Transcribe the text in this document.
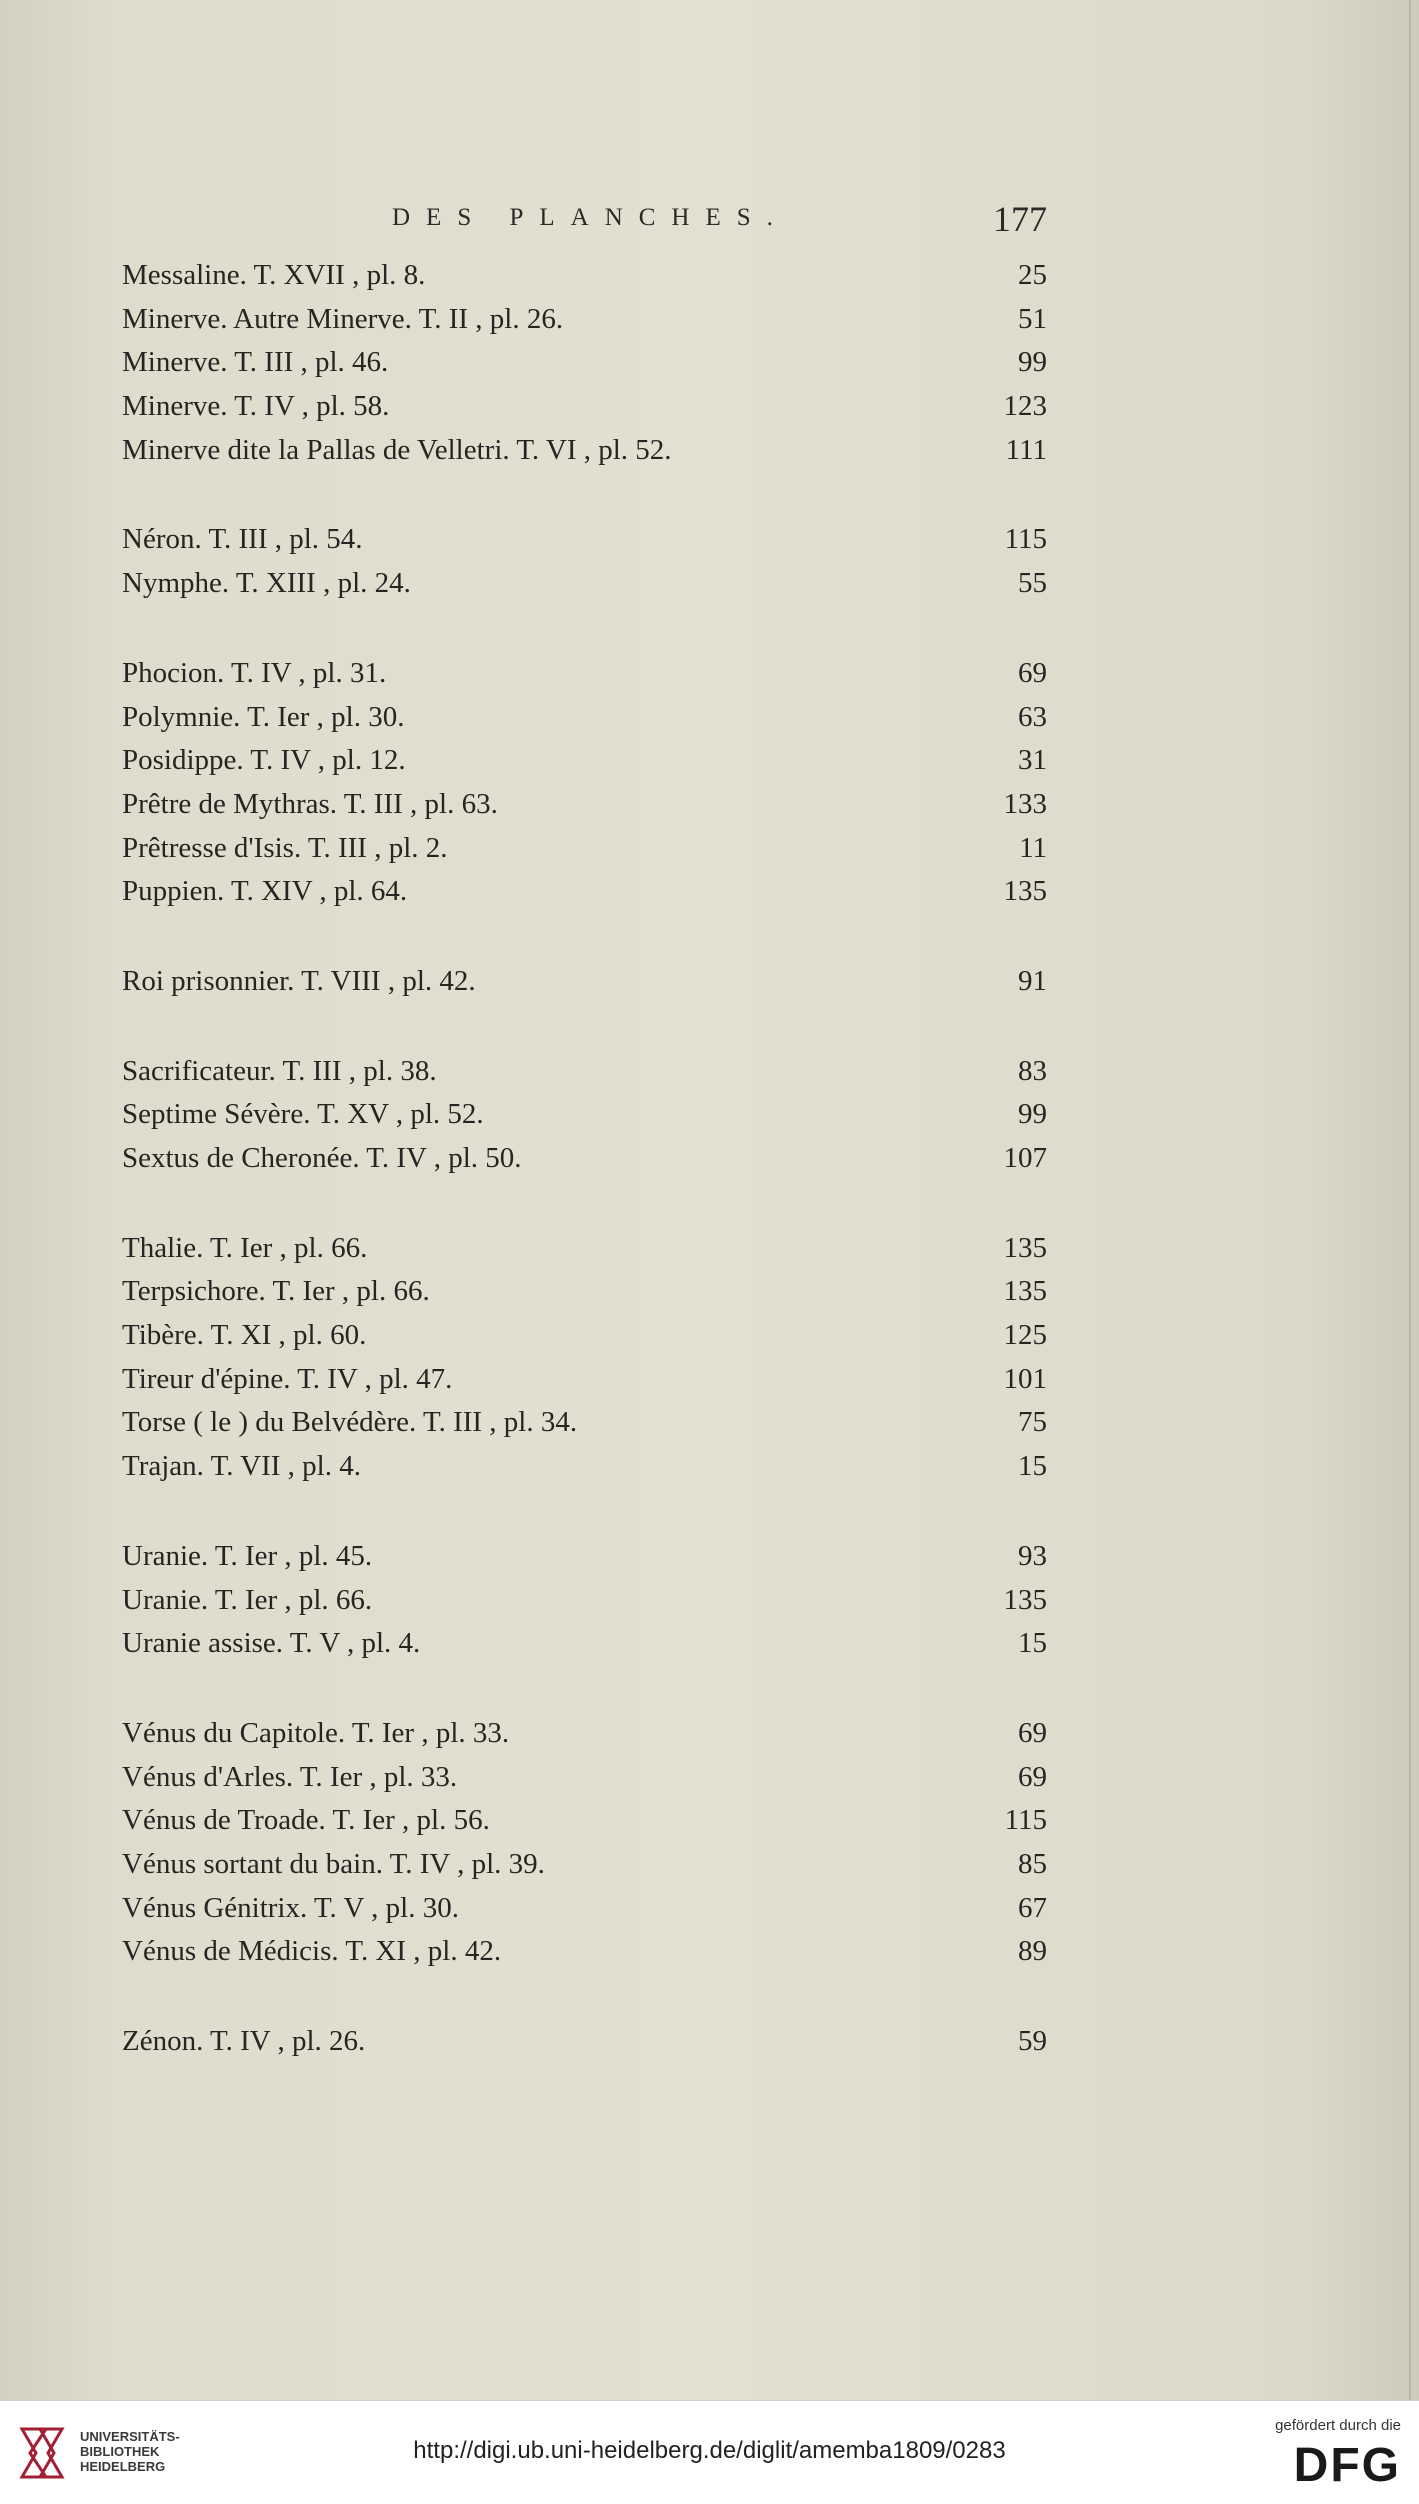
DES PLANCHES.	177
Messaline. T. XVII , pl. 8.	25
Minerve. Autre Minerve. T. II , pl. 26.	51
Minerve. T. III , pl. 46.	99
Minerve. T. IV , pl. 58.	123
Minerve dite la Pallas de Velletri. T. VI , pl. 52.	111
Néron. T. III , pl. 54.	115
Nymphe. T. XIII , pl. 24.	55
Phocion. T. IV , pl. 31.	69
Polymnie. T. Ier , pl. 30.	63
Posidippe. T. IV , pl. 12.	31
Prêtre de Mythras. T. III , pl. 63.	133
Prêtresse d'Isis. T. III , pl. 2.	11
Puppien. T. XIV , pl. 64.	135
Roi prisonnier. T. VIII , pl. 42.	91
Sacrificateur. T. III , pl. 38.	83
Septime Sévère. T. XV , pl. 52.	99
Sextus de Cheronée. T. IV , pl. 50.	107
Thalie. T. Ier , pl. 66.	135
Terpsichore. T. Ier , pl. 66.	135
Tibère. T. XI , pl. 60.	125
Tireur d'épine. T. IV , pl. 47.	101
Torse ( le ) du Belvédère. T. III , pl. 34.	75
Trajan. T. VII , pl. 4.	15
Uranie. T. Ier , pl. 45.	93
Uranie. T. Ier , pl. 66.	135
Uranie assise. T. V , pl. 4.	15
Vénus du Capitole. T. Ier , pl. 33.	69
Vénus d'Arles. T. Ier , pl. 33.	69
Vénus de Troade. T. Ier , pl. 56.	115
Vénus sortant du bain. T. IV , pl. 39.	85
Vénus Génitrix. T. V , pl. 30.	67
Vénus de Médicis. T. XI , pl. 42.	89
Zénon. T. IV , pl. 26.	59
UNIVERSITÄTS-
BIBLIOTHEK
HEIDELBERG
http://digi.ub.uni-heidelberg.de/diglit/amemba1809/0283
gefördert durch die
DFG
